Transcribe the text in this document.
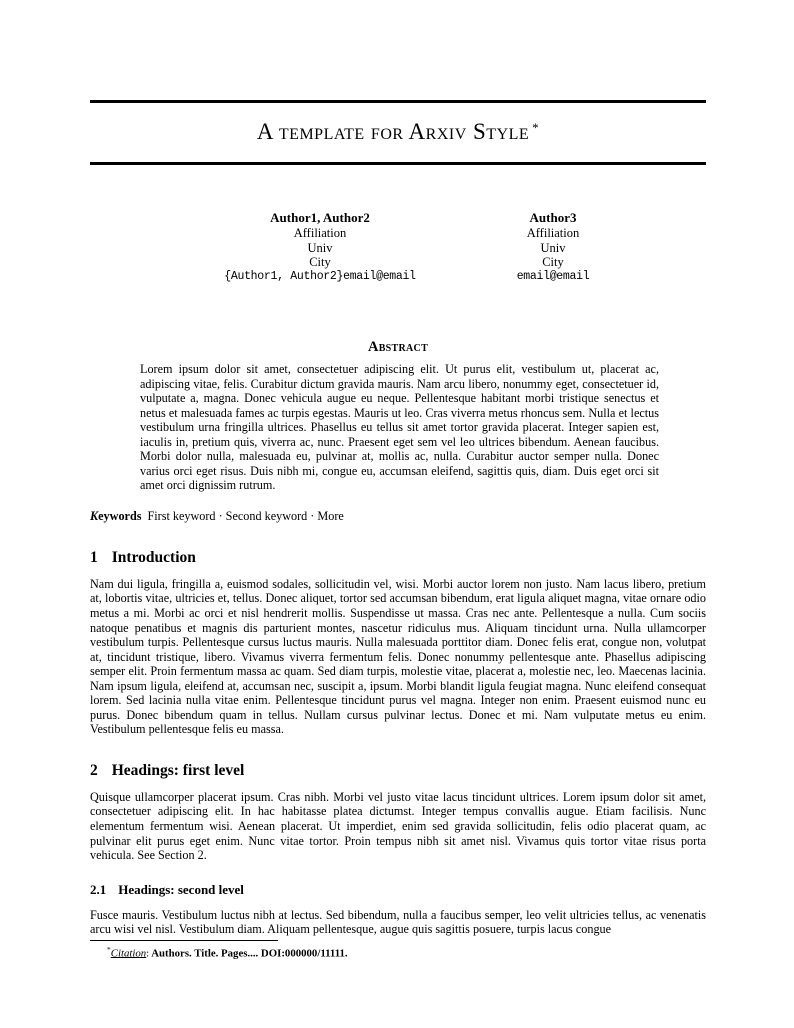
A template for Arxiv Style *
Author1, Author2
Affiliation
Univ
City
{Author1, Author2}email@email
Author3
Affiliation
Univ
City
email@email
Abstract
Lorem ipsum dolor sit amet, consectetuer adipiscing elit. Ut purus elit, vestibulum ut, placerat ac, adipiscing vitae, felis. Curabitur dictum gravida mauris. Nam arcu libero, nonummy eget, consectetuer id, vulputate a, magna. Donec vehicula augue eu neque. Pellentesque habitant morbi tristique senectus et netus et malesuada fames ac turpis egestas. Mauris ut leo. Cras viverra metus rhoncus sem. Nulla et lectus vestibulum urna fringilla ultrices. Phasellus eu tellus sit amet tortor gravida placerat. Integer sapien est, iaculis in, pretium quis, viverra ac, nunc. Praesent eget sem vel leo ultrices bibendum. Aenean faucibus. Morbi dolor nulla, malesuada eu, pulvinar at, mollis ac, nulla. Curabitur auctor semper nulla. Donec varius orci eget risus. Duis nibh mi, congue eu, accumsan eleifend, sagittis quis, diam. Duis eget orci sit amet orci dignissim rutrum.
Keywords First keyword · Second keyword · More
1 Introduction
Nam dui ligula, fringilla a, euismod sodales, sollicitudin vel, wisi. Morbi auctor lorem non justo. Nam lacus libero, pretium at, lobortis vitae, ultricies et, tellus. Donec aliquet, tortor sed accumsan bibendum, erat ligula aliquet magna, vitae ornare odio metus a mi. Morbi ac orci et nisl hendrerit mollis. Suspendisse ut massa. Cras nec ante. Pellentesque a nulla. Cum sociis natoque penatibus et magnis dis parturient montes, nascetur ridiculus mus. Aliquam tincidunt urna. Nulla ullamcorper vestibulum turpis. Pellentesque cursus luctus mauris. Nulla malesuada porttitor diam. Donec felis erat, congue non, volutpat at, tincidunt tristique, libero. Vivamus viverra fermentum felis. Donec nonummy pellentesque ante. Phasellus adipiscing semper elit. Proin fermentum massa ac quam. Sed diam turpis, molestie vitae, placerat a, molestie nec, leo. Maecenas lacinia. Nam ipsum ligula, eleifend at, accumsan nec, suscipit a, ipsum. Morbi blandit ligula feugiat magna. Nunc eleifend consequat lorem. Sed lacinia nulla vitae enim. Pellentesque tincidunt purus vel magna. Integer non enim. Praesent euismod nunc eu purus. Donec bibendum quam in tellus. Nullam cursus pulvinar lectus. Donec et mi. Nam vulputate metus eu enim. Vestibulum pellentesque felis eu massa.
2 Headings: first level
Quisque ullamcorper placerat ipsum. Cras nibh. Morbi vel justo vitae lacus tincidunt ultrices. Lorem ipsum dolor sit amet, consectetuer adipiscing elit. In hac habitasse platea dictumst. Integer tempus convallis augue. Etiam facilisis. Nunc elementum fermentum wisi. Aenean placerat. Ut imperdiet, enim sed gravida sollicitudin, felis odio placerat quam, ac pulvinar elit purus eget enim. Nunc vitae tortor. Proin tempus nibh sit amet nisl. Vivamus quis tortor vitae risus porta vehicula. See Section 2.
2.1 Headings: second level
Fusce mauris. Vestibulum luctus nibh at lectus. Sed bibendum, nulla a faucibus semper, leo velit ultricies tellus, ac venenatis arcu wisi vel nisl. Vestibulum diam. Aliquam pellentesque, augue quis sagittis posuere, turpis lacus congue
*Citation: Authors. Title. Pages.... DOI:000000/11111.
